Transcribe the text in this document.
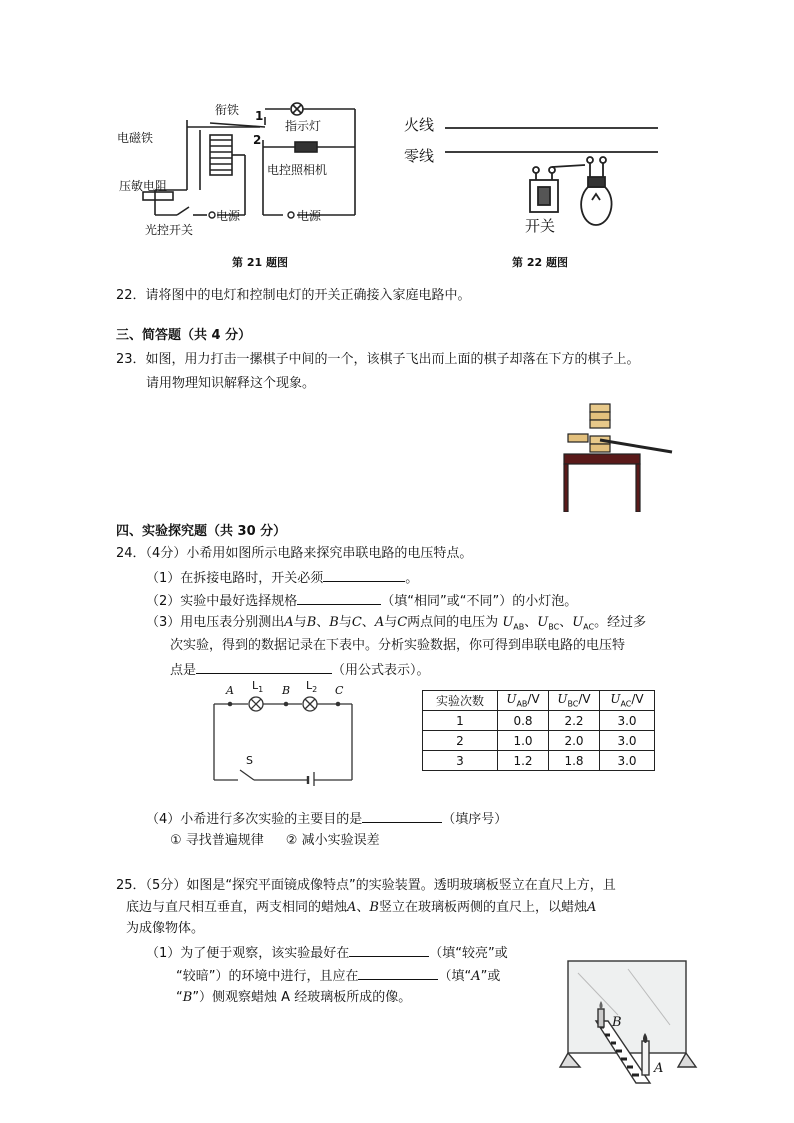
衔铁
电磁铁
压敏电阻
光控开关
电源	电源
指示灯
电控照相机
1
2
第 21 题图
火线
零线
开关
第 22 题图
22．请将图中的电灯和控制电灯的开关正确接入家庭电路中。
三、简答题（共 4 分）
23．如图，用力打击一摞棋子中间的一个，该棋子飞出而上面的棋子却落在下方的棋子上。
请用物理知识解释这个现象。
四、实验探究题（共 30 分）
24．（4分）小希用如图所示电路来探究串联电路的电压特点。
（1）在拆接电路时，开关必须	。
（2）实验中最好选择规格	（填“相同”或“不同”）的小灯泡。
（3）用电压表分别测出A与B、B与C、A与C两点间的电压为 $U_{AB}$、$U_{BC}$、$U_{AC}$。经过多
次实验，得到的数据记录在下表中。分析实验数据，你可得到串联电路的电压特
点是	（用公式表示）。
A $L_1$ B $L_2$ C
S
实验次数	$U_{AB}/V$	$U_{BC}/V$	$U_{AC}/V$
1	0.8	2.2	3.0
2	1.0	2.0	3.0
3	1.2	1.8	3.0
（4）小希进行多次实验的主要目的是	（填序号）
① 寻找普遍规律 ② 减小实验误差
25．（5分）如图是“探究平面镜成像特点”的实验装置。透明玻璃板竖立在直尺上方，且
底边与直尺相互垂直，两支相同的蜡烛A、B竖立在玻璃板两侧的直尺上，以蜡烛A
为成像物体。
（1）为了便于观察，该实验最好在	（填“较亮”或
“较暗”）的环境中进行，且应在	（填“A”或
“B”）侧观察蜡烛 A 经玻璃板所成的像。
B
A
